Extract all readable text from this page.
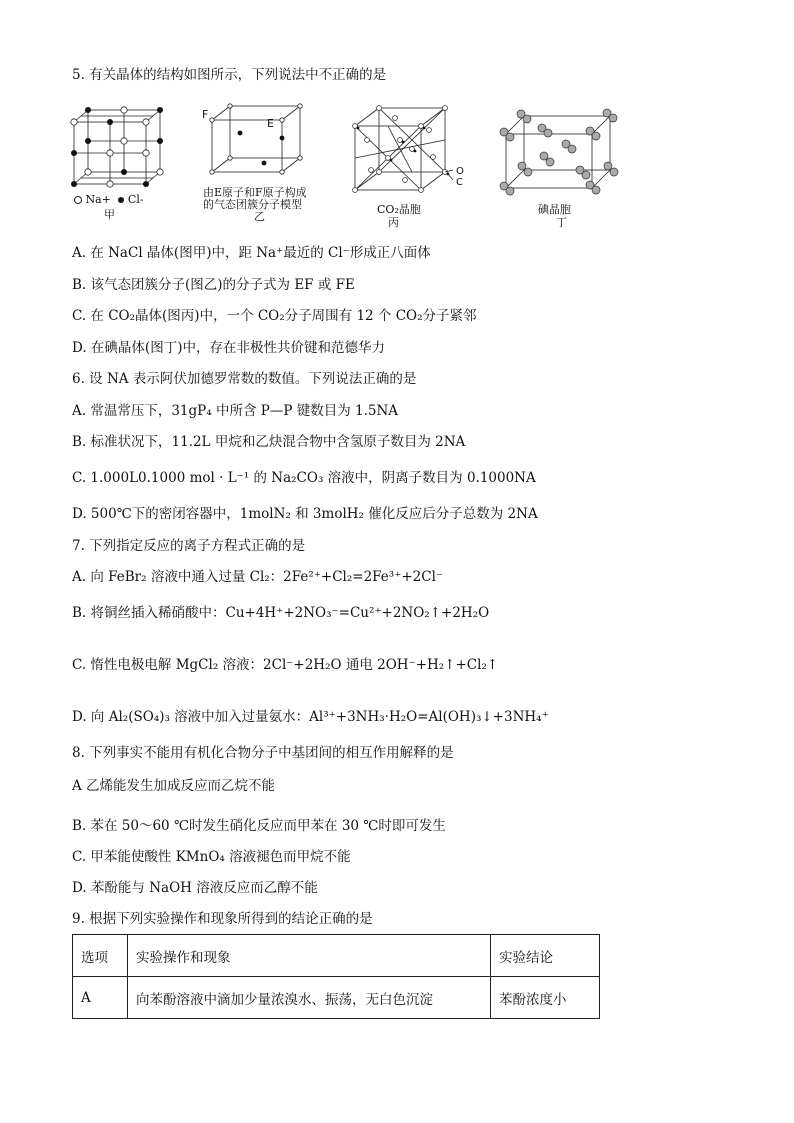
5. 有关晶体的结构如图所示，下列说法中不正确的是
Na+ Cl-
甲
F
E
由E原子和F原子构成
的气态团簇分子模型
乙
O
C
CO₂晶胞
丙
碘晶胞
丁
A. 在 NaCl 晶体(图甲)中，距 Na⁺最近的 Cl⁻形成正八面体
B. 该气态团簇分子(图乙)的分子式为 EF 或 FE
C. 在 CO₂晶体(图丙)中，一个 CO₂分子周围有 12 个 CO₂分子紧邻
D. 在碘晶体(图丁)中，存在非极性共价键和范德华力
6. 设 NA 表示阿伏加德罗常数的数值。下列说法正确的是
A. 常温常压下，31gP₄ 中所含 P—P 键数目为 1.5NA
B. 标准状况下，11.2L 甲烷和乙炔混合物中含氢原子数目为 2NA
C. 1.000L0.1000 mol · L⁻¹ 的 Na₂CO₃ 溶液中，阴离子数目为 0.1000NA
D. 500℃下的密闭容器中，1molN₂ 和 3molH₂ 催化反应后分子总数为 2NA
7. 下列指定反应的离子方程式正确的是
A. 向 FeBr₂ 溶液中通入过量 Cl₂：2Fe²⁺+Cl₂=2Fe³⁺+2Cl⁻
B. 将铜丝插入稀硝酸中：Cu+4H⁺+2NO₃⁻=Cu²⁺+2NO₂↑+2H₂O
C. 惰性电极电解 MgCl₂ 溶液：2Cl⁻+2H₂O 通电 2OH⁻+H₂↑+Cl₂↑
D. 向 Al₂(SO₄)₃ 溶液中加入过量氨水：Al³⁺+3NH₃·H₂O=Al(OH)₃↓+3NH₄⁺
8. 下列事实不能用有机化合物分子中基团间的相互作用解释的是
A 乙烯能发生加成反应而乙烷不能
B. 苯在 50～60 ℃时发生硝化反应而甲苯在 30 ℃时即可发生
C. 甲苯能使酸性 KMnO₄ 溶液褪色而甲烷不能
D. 苯酚能与 NaOH 溶液反应而乙醇不能
9. 根据下列实验操作和现象所得到的结论正确的是
选项	实验操作和现象	实验结论
A	向苯酚溶液中滴加少量浓溴水、振荡，无白色沉淀	苯酚浓度小
